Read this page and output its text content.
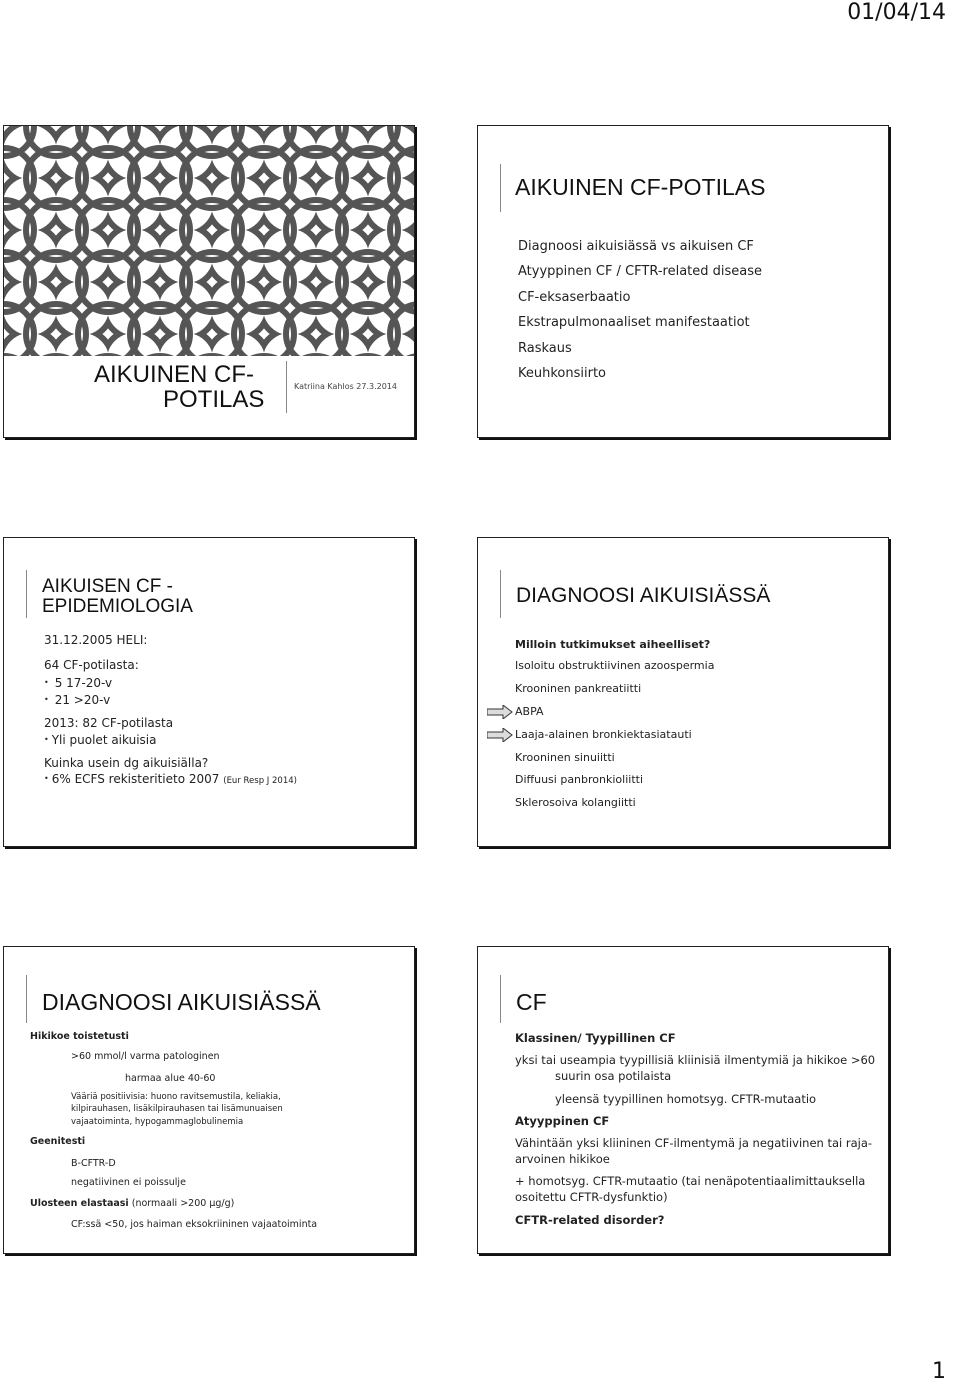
01/04/14
1
AIKUINEN CF-
POTILAS	Katriina Kahlos 27.3.2014
AIKUINEN CF-POTILAS
Diagnoosi aikuisiässä vs aikuisen CF
Atyyppinen CF / CFTR-related disease
CF-eksaserbaatio
Ekstrapulmonaaliset manifestaatiot
Raskaus
Keuhkonsiirto
AIKUISEN CF -
EPIDEMIOLOGIA
31.12.2005 HELI:
64 CF-potilasta:
• 5 17-20-v
• 21 >20-v
2013: 82 CF-potilasta
• Yli puolet aikuisia
Kuinka usein dg aikuisiälla?
• 6% ECFS rekisteritieto 2007 (Eur Resp J 2014)
DIAGNOOSI AIKUISIÄSSÄ
Milloin tutkimukset aiheelliset?
Isoloitu obstruktiivinen azoospermia
Krooninen pankreatiitti
ABPA
Laaja-alainen bronkiektasiatauti
Krooninen sinuiitti
Diffuusi panbronkioliitti
Sklerosoiva kolangiitti
DIAGNOOSI AIKUISIÄSSÄ
Hikikoe toistetusti
>60 mmol/l varma patologinen
harmaa alue 40-60
Vääriä positiivisia: huono ravitsemustila, keliakia,
kilpirauhasen, lisäkilpirauhasen tai lisämunuaisen
vajaatoiminta, hypogammaglobulinemia
Geenitesti
B-CFTR-D
negatiivinen ei poissulje
Ulosteen elastaasi (normaali >200 μg/g)
CF:ssä <50, jos haiman eksokriininen vajaatoiminta
CF
Klassinen/ Tyypillinen CF
yksi tai useampia tyypillisiä kliinisiä ilmentymiä ja hikikoe >60
suurin osa potilaista
yleensä tyypillinen homotsyg. CFTR-mutaatio
Atyyppinen CF
Vähintään yksi kliininen CF-ilmentymä ja negatiivinen tai raja-
arvoinen hikikoe
+ homotsyg. CFTR-mutaatio (tai nenäpotentiaalimittauksella
osoitettu CFTR-dysfunktio)
CFTR-related disorder?
